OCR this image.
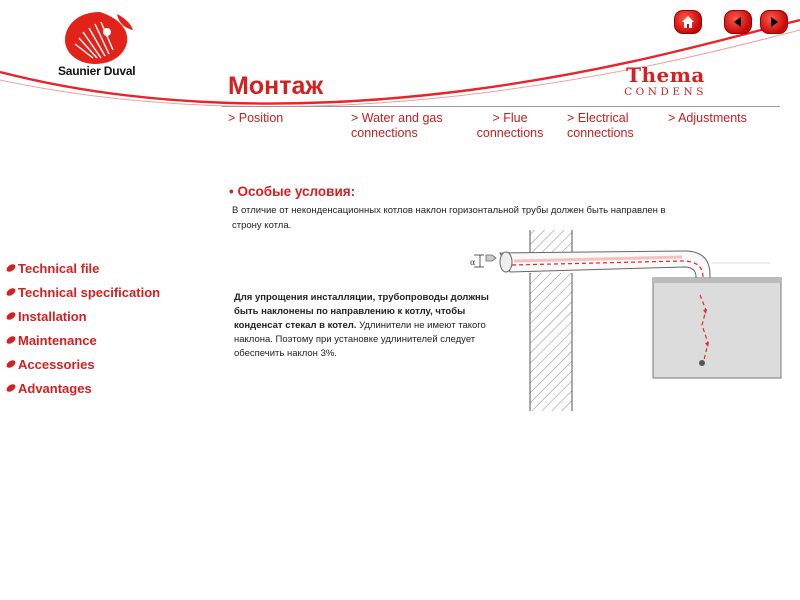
Saunier Duval
Монтаж	Thema
CONDENS
> Position	> Water and gas connections
> Flue connections
> Electrical connections
> Adjustments
Technical file
Technical specification
Installation
Maintenance
Accessories
Advantages
• Особые условия:
В отличие от неконденсационных котлов наклон горизонтальной трубы должен быть направлен в строну котла.
Для упрощения инсталляции, трубопроводы должны быть наклонены по направлению к котлу, чтобы конденсат стекал в котел. Удлинители не имеют такого наклона. Поэтому при установке удлинителей следует обеспечить наклон 3%.
α
